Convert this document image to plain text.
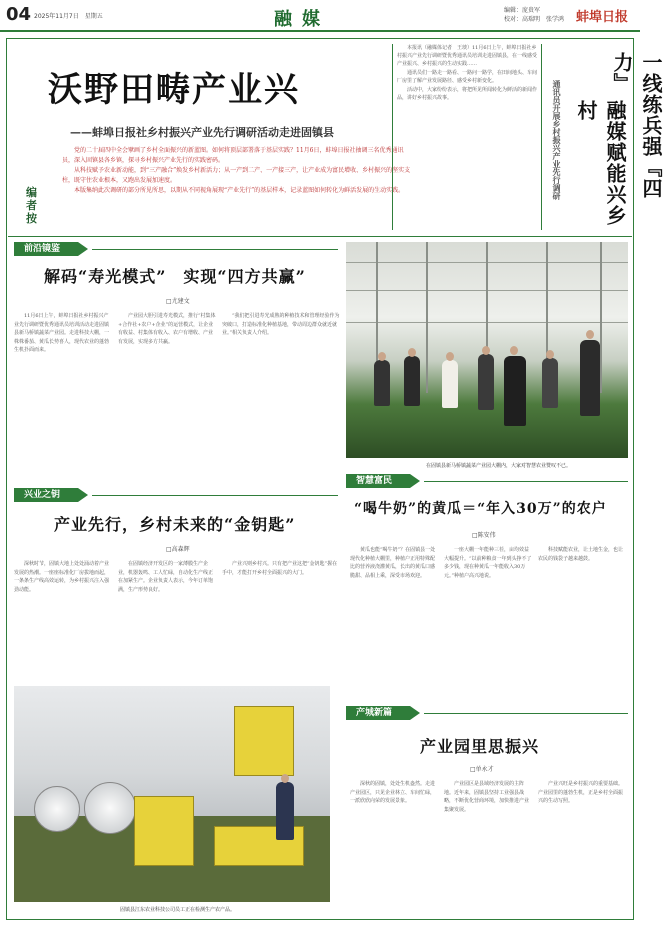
04 2025年11月7日　星期五	融媒	编辑：庞贵军
校对：高瑞明　张学鸿 蚌埠日报
沃野田畴产业兴
——蚌埠日报社乡村振兴产业先行调研活动走进固镇县
编者按

党的二十届四中全会擘画了乡村全面振兴的新蓝图。如何将顶层部署落于基层实践？11月6日，蚌埠日报社抽调三名优秀通讯员，深入固镇县各乡镇，探寻乡村振兴产业先行的实践密码。

从科技赋予农业新动能，到“三产融合”焕发乡村新活力；从一产到二产、一产接三产，让产业成为富民增收、乡村振兴的坚实支柱，既守住农业根本，又跑出发展加速度。

本版集纳此次调研的部分所见所思，以期从不同视角展现“产业先行”的基层样本，记录蓝图如何转化为鲜活发展的生动实践。

本报讯（融媒体记者　王琰）11月6日上午，蚌埠日报社乡村振兴产业先行调研暨优秀通讯员培训走进固镇县，在一线感受产业振兴、乡村振兴的生动实践……

通讯员们一路走一路看、一路问一路学，在田间地头、车间厂房里了解产业发展路径、感受乡村新变化。

活动中，大家纷纷表示，将把所见所闻转化为鲜活的新闻作品，讲好乡村振兴故事。	一线练兵强『四力』
融媒赋能兴乡村
通讯员开展乡村振兴产业先行调研
前沿镜鉴
解码“寿光模式”　实现“四方共赢”
□尤建文

11月6日上午，蚌埠日报社乡村振兴产业先行调研暨优秀通讯员培训活动走进固镇县新马桥镇蔬菜产业园。走进科技大棚，一株株番茄、黄瓜长势喜人，现代农业的蓬勃生机扑面而来。

产业园大胆引进寿光模式，推行“村集体+合作社+农户+企业”的运营模式，让企业有收益、村集体有收入、农户有增收、产业有发展，实现多方共赢。

“我们把引进寿光成熟的种植技术和管理经验作为突破口，打造标准化种植基地，带动周边群众就近就业。”相关负责人介绍。

在固镇县新马桥镇蔬菜产业园大棚内，大家对智慧农业赞叹不已。
兴业之钥
产业先行，乡村未来的“金钥匙”
□高森辉

深秋时节，固镇大地上处处涌动着产业发展的热潮。一座座标准化厂房拔地而起，一条条生产线高效运转，为乡村振兴注入强劲动能。

在固镇经济开发区的一家薄膜生产企业，机器轰鸣、工人忙碌，自动化生产线正在加紧生产。企业负责人表示，今年订单饱满，生产形势良好。

产业兴则乡村兴。只有把产业这把“金钥匙”握在手中，才能打开乡村全面振兴的大门。

固镇县江东农业科技公司员工正在检测生产农产品。
智慧富民
“喝牛奶”的黄瓜＝“年入30万”的农户
□陈安伟

黄瓜也能“喝牛奶”？在固镇县一处现代化种植大棚里，种植户正用特殊配比的营养液浇灌黄瓜，长出的黄瓜口感脆甜、品相上乘，深受市场欢迎。

一座大棚一年能种三茬，亩均效益大幅提升。“以前种粮食一年到头挣不了多少钱，现在种黄瓜一年能收入30万元。”种植户高兴地说。

科技赋能农业，让土地生金，也让农民的钱袋子越来越鼓。

产城新篇
产业园里思振兴
□单永才

深秋的固镇，处处生机盎然。走进产业园区，只见企业林立、车间忙碌，一派欣欣向荣的发展景象。

产业园区是县域经济发展的主阵地。近年来，固镇县坚持工业强县战略，不断优化营商环境，加快推进产业集聚发展。

产业兴旺是乡村振兴的重要基础。产业园里的蓬勃生机，正是乡村全面振兴的生动写照。
